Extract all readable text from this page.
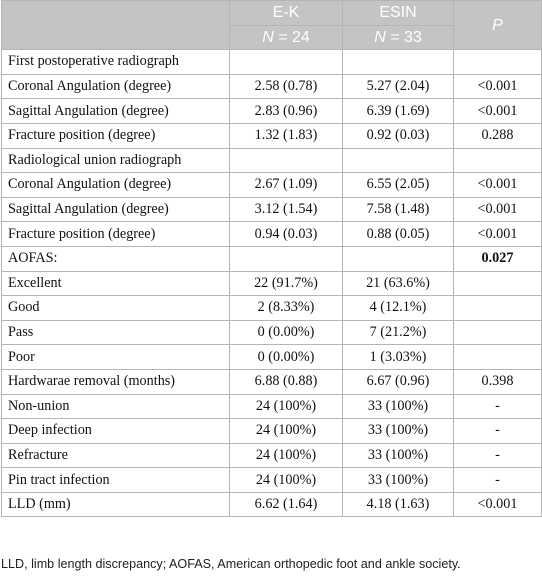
	E-K	ESIN	P
	N = 24	N = 33	
First postoperative radiograph			
Coronal Angulation (degree)	2.58 (0.78)	5.27 (2.04)	<0.001
Sagittal Angulation (degree)	2.83 (0.96)	6.39 (1.69)	<0.001
Fracture position (degree)	1.32 (1.83)	0.92 (0.03)	0.288
Radiological union radiograph			
Coronal Angulation (degree)	2.67 (1.09)	6.55 (2.05)	<0.001
Sagittal Angulation (degree)	3.12 (1.54)	7.58 (1.48)	<0.001
Fracture position (degree)	0.94 (0.03)	0.88 (0.05)	<0.001
AOFAS:			0.027
Excellent	22 (91.7%)	21 (63.6%)	
Good	2 (8.33%)	4 (12.1%)	
Pass	0 (0.00%)	7 (21.2%)	
Poor	0 (0.00%)	1 (3.03%)	
Hardwarae removal (months)	6.88 (0.88)	6.67 (0.96)	0.398
Non-union	24 (100%)	33 (100%)	-
Deep infection	24 (100%)	33 (100%)	-
Refracture	24 (100%)	33 (100%)	-
Pin tract infection	24 (100%)	33 (100%)	-
LLD (mm)	6.62 (1.64)	4.18 (1.63)	<0.001
LLD, limb length discrepancy; AOFAS, American orthopedic foot and ankle society.
